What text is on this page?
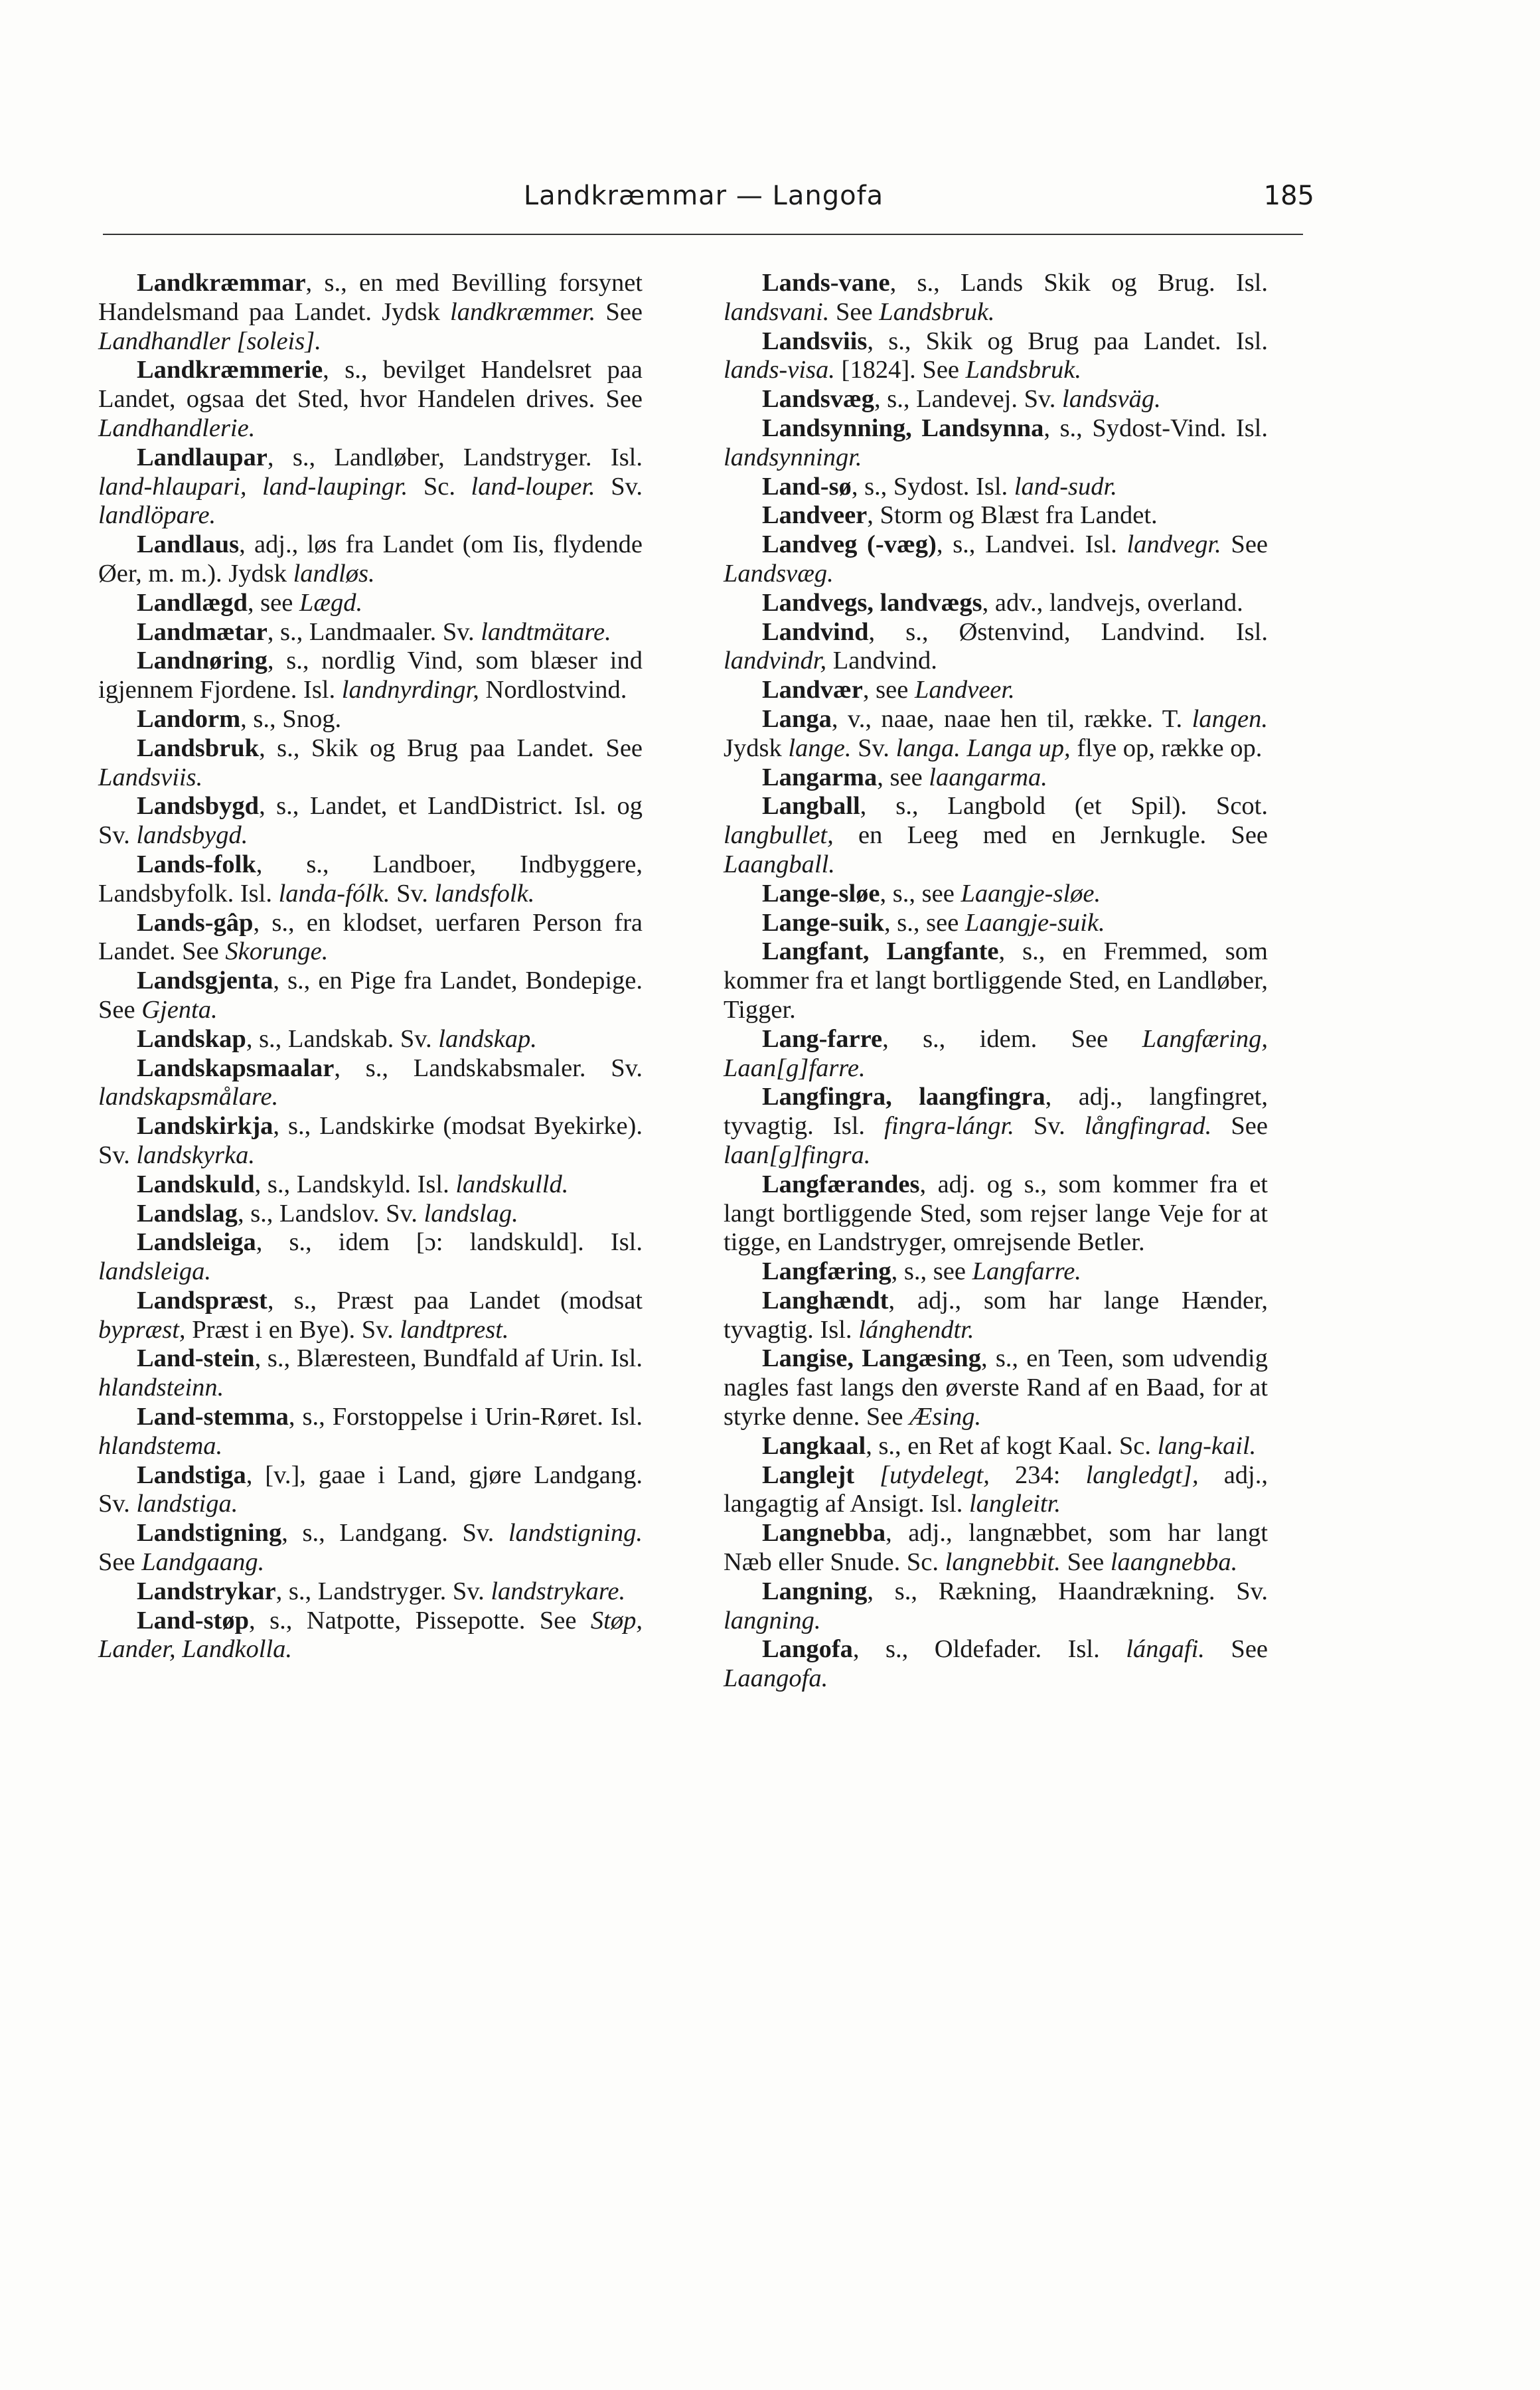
Landkræmmar — Langofa	185

Landkræmmar, s., en med Bevilling forsynet Handelsmand paa Landet. Jydsk landkræmmer. See Landhandler [soleis].

Landkræmmerie, s., bevilget Handelsret paa Landet, ogsaa det Sted, hvor Handelen drives. See Landhandlerie.

Landlaupar, s., Landløber, Landstryger. Isl. land-hlaupari, land-laupingr. Sc. land-louper. Sv. landlöpare.

Landlaus, adj., løs fra Landet (om Iis, flydende Øer, m. m.). Jydsk landløs.

Landlægd, see Lægd.

Landmætar, s., Landmaaler. Sv. landtmätare.

Landnøring, s., nordlig Vind, som blæser ind igjennem Fjordene. Isl. landnyrdingr, Nordlostvind.

Landorm, s., Snog.

Landsbruk, s., Skik og Brug paa Landet. See Landsviis.

Landsbygd, s., Landet, et LandDistrict. Isl. og Sv. landsbygd.

Lands-folk, s., Landboer, Indbyggere, Landsbyfolk. Isl. landa-fólk. Sv. landsfolk.

Lands-gâp, s., en klodset, uerfaren Person fra Landet. See Skorunge.

Landsgjenta, s., en Pige fra Landet, Bondepige. See Gjenta.

Landskap, s., Landskab. Sv. landskap.

Landskapsmaalar, s., Landskabsmaler. Sv. landskapsmålare.

Landskirkja, s., Landskirke (modsat Byekirke). Sv. landskyrka.

Landskuld, s., Landskyld. Isl. landskulld.

Landslag, s., Landslov. Sv. landslag.

Landsleiga, s., idem [ɔ: landskuld]. Isl. landsleiga.

Landspræst, s., Præst paa Landet (modsat bypræst, Præst i en Bye). Sv. landtprest.

Land-stein, s., Blæresteen, Bundfald af Urin. Isl. hlandsteinn.

Land-stemma, s., Forstoppelse i Urin-Røret. Isl. hlandstema.

Landstiga, [v.], gaae i Land, gjøre Landgang. Sv. landstiga.

Landstigning, s., Landgang. Sv. landstigning. See Landgaang.

Landstrykar, s., Landstryger. Sv. landstrykare.

Land-støp, s., Natpotte, Pissepotte. See Støp, Lander, Landkolla.

Lands-vane, s., Lands Skik og Brug. Isl. landsvani. See Landsbruk.

Landsviis, s., Skik og Brug paa Landet. Isl. lands-visa. [1824]. See Landsbruk.

Landsvæg, s., Landevej. Sv. landsväg.

Landsynning, Landsynna, s., Sydost-Vind. Isl. landsynningr.

Land-sø, s., Sydost. Isl. land-sudr.

Landveer, Storm og Blæst fra Landet.

Landveg (-væg), s., Landvei. Isl. landvegr. See Landsvæg.

Landvegs, landvægs, adv., landvejs, overland.

Landvind, s., Østenvind, Landvind. Isl. landvindr, Landvind.

Landvær, see Landveer.

Langa, v., naae, naae hen til, række. T. langen. Jydsk lange. Sv. langa. Langa up, flye op, række op.

Langarma, see laangarma.

Langball, s., Langbold (et Spil). Scot. langbullet, en Leeg med en Jernkugle. See Laangball.

Lange-sløe, s., see Laangje-sløe.

Lange-suik, s., see Laangje-suik.

Langfant, Langfante, s., en Fremmed, som kommer fra et langt bortliggende Sted, en Landløber, Tigger.

Lang-farre, s., idem. See Langfæring, Laan[g]farre.

Langfingra, laangfingra, adj., langfingret, tyvagtig. Isl. fingra-lángr. Sv. långfingrad. See laan[g]fingra.

Langfærandes, adj. og s., som kommer fra et langt bortliggende Sted, som rejser lange Veje for at tigge, en Landstryger, omrejsende Betler.

Langfæring, s., see Langfarre.

Langhændt, adj., som har lange Hænder, tyvagtig. Isl. lánghendtr.

Langise, Langæsing, s., en Teen, som udvendig nagles fast langs den øverste Rand af en Baad, for at styrke denne. See Æsing.

Langkaal, s., en Ret af kogt Kaal. Sc. lang-kail.

Langlejt [utydelegt, 234: langledgt], adj., langagtig af Ansigt. Isl. langleitr.

Langnebba, adj., langnæbbet, som har langt Næb eller Snude. Sc. langnebbit. See laangnebba.

Langning, s., Rækning, Haandrækning. Sv. langning.

Langofa, s., Oldefader. Isl. lángafi. See Laangofa.
